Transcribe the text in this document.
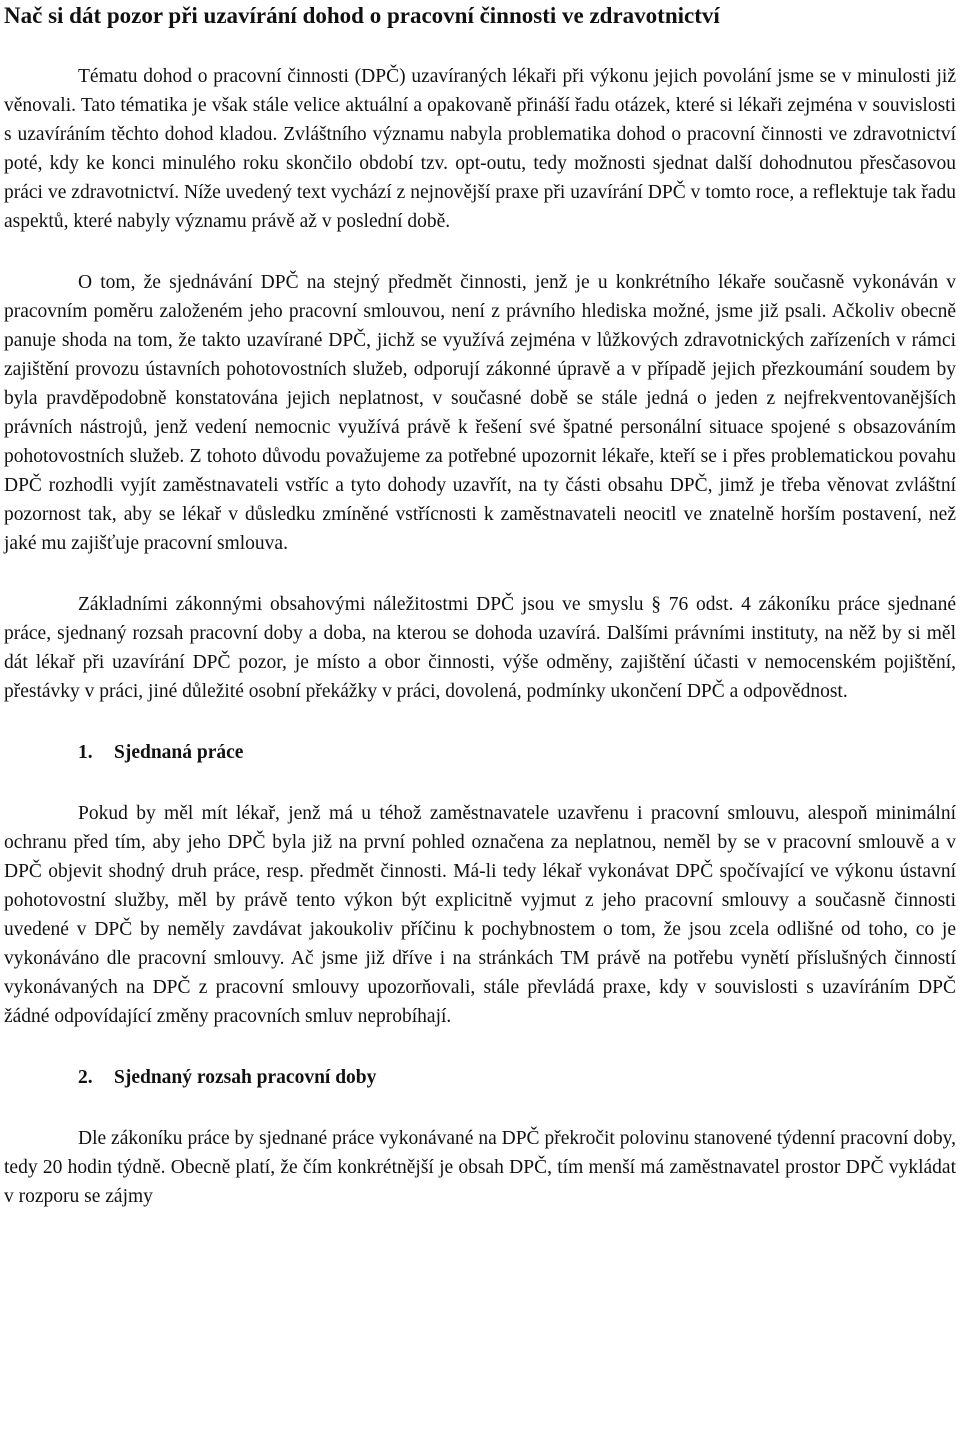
Nač si dát pozor při uzavírání dohod o pracovní činnosti ve zdravotnictví

Tématu dohod o pracovní činnosti (DPČ) uzavíraných lékaři při výkonu jejich povolání jsme se v minulosti již věnovali. Tato tématika je však stále velice aktuální a opakovaně přináší řadu otázek, které si lékaři zejména v souvislosti s uzavíráním těchto dohod kladou. Zvláštního významu nabyla problematika dohod o pracovní činnosti ve zdravotnictví poté, kdy ke konci minulého roku skončilo období tzv. opt-outu, tedy možnosti sjednat další dohodnutou přesčasovou práci ve zdravotnictví. Níže uvedený text vychází z nejnovější praxe při uzavírání DPČ v tomto roce, a reflektuje tak řadu aspektů, které nabyly významu právě až v poslední době.

O tom, že sjednávání DPČ na stejný předmět činnosti, jenž je u konkrétního lékaře současně vykonáván v pracovním poměru založeném jeho pracovní smlouvou, není z právního hlediska možné, jsme již psali. Ačkoliv obecně panuje shoda na tom, že takto uzavírané DPČ, jichž se využívá zejména v lůžkových zdravotnických zařízeních v rámci zajištění provozu ústavních pohotovostních služeb, odporují zákonné úpravě a v případě jejich přezkoumání soudem by byla pravděpodobně konstatována jejich neplatnost, v současné době se stále jedná o jeden z nejfrekventovanějších právních nástrojů, jenž vedení nemocnic využívá právě k řešení své špatné personální situace spojené s obsazováním pohotovostních služeb. Z tohoto důvodu považujeme za potřebné upozornit lékaře, kteří se i přes problematickou povahu DPČ rozhodli vyjít zaměstnavateli vstříc a tyto dohody uzavřít, na ty části obsahu DPČ, jimž je třeba věnovat zvláštní pozornost tak, aby se lékař v důsledku zmíněné vstřícnosti k zaměstnavateli neocitl ve znatelně horším postavení, než jaké mu zajišťuje pracovní smlouva.

Základními zákonnými obsahovými náležitostmi DPČ jsou ve smyslu § 76 odst. 4 zákoníku práce sjednané práce, sjednaný rozsah pracovní doby a doba, na kterou se dohoda uzavírá. Dalšími právními instituty, na něž by si měl dát lékař při uzavírání DPČ pozor, je místo a obor činnosti, výše odměny, zajištění účasti v nemocenském pojištění, přestávky v práci, jiné důležité osobní překážky v práci, dovolená, podmínky ukončení DPČ a odpovědnost.

1. Sjednaná práce

Pokud by měl mít lékař, jenž má u téhož zaměstnavatele uzavřenu i pracovní smlouvu, alespoň minimální ochranu před tím, aby jeho DPČ byla již na první pohled označena za neplatnou, neměl by se v pracovní smlouvě a v DPČ objevit shodný druh práce, resp. předmět činnosti. Má-li tedy lékař vykonávat DPČ spočívající ve výkonu ústavní pohotovostní služby, měl by právě tento výkon být explicitně vyjmut z jeho pracovní smlouvy a současně činnosti uvedené v DPČ by neměly zavdávat jakoukoliv příčinu k pochybnostem o tom, že jsou zcela odlišné od toho, co je vykonáváno dle pracovní smlouvy. Ač jsme již dříve i na stránkách TM právě na potřebu vynětí příslušných činností vykonávaných na DPČ z pracovní smlouvy upozorňovali, stále převládá praxe, kdy v souvislosti s uzavíráním DPČ žádné odpovídající změny pracovních smluv neprobíhají.

2. Sjednaný rozsah pracovní doby

Dle zákoníku práce by sjednané práce vykonávané na DPČ překročit polovinu stanovené týdenní pracovní doby, tedy 20 hodin týdně. Obecně platí, že čím konkrétnější je obsah DPČ, tím menší má zaměstnavatel prostor DPČ vykládat v rozporu se zájmy
